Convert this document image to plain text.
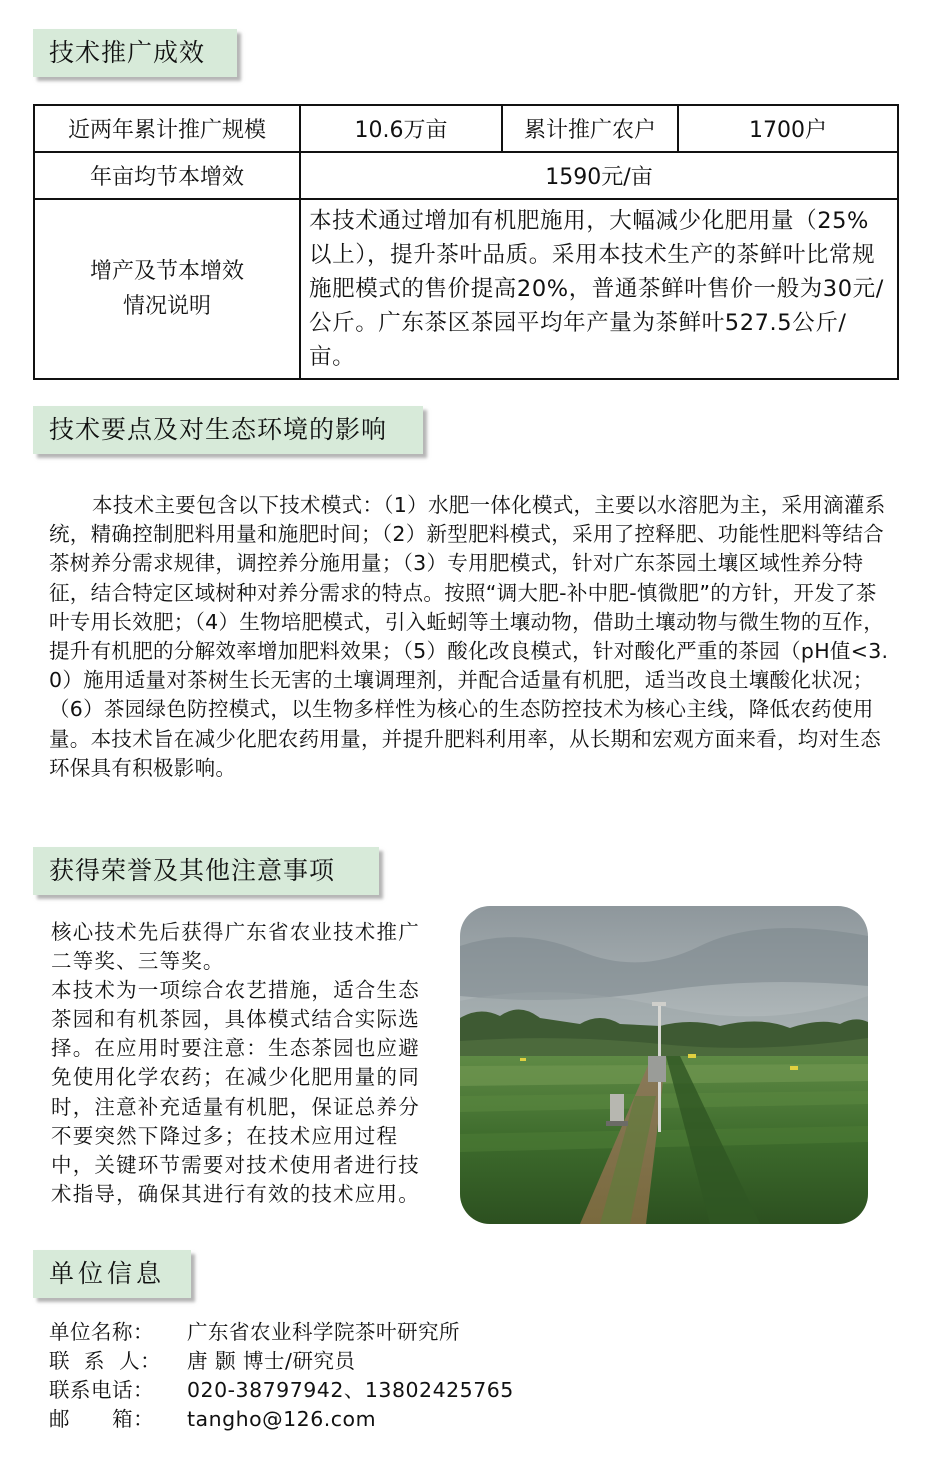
技术推广成效
近两年累计推广规模	10.6万亩	累计推广农户	1700户
年亩均节本增效	1590元/亩		

增产及节本增效
情况说明	本技术通过增加有机肥施用，大幅减少化肥用量（25%以上），提升茶叶品质。采用本技术生产的茶鲜叶比常规施肥模式的售价提高20%，普通茶鲜叶售价一般为30元/公斤。广东茶区茶园平均年产量为茶鲜叶527.5公斤/亩。		
技术要点及对生态环境的影响

本技术主要包含以下技术模式：（1）水肥一体化模式，主要以水溶肥为主，采用滴灌系统，精确控制肥料用量和施肥时间；（2）新型肥料模式，采用了控释肥、功能性肥料等结合茶树养分需求规律，调控养分施用量；（3）专用肥模式，针对广东茶园土壤区域性养分特征，结合特定区域树种对养分需求的特点。按照“调大肥-补中肥-慎微肥”的方针，开发了茶叶专用长效肥；（4）生物培肥模式，引入蚯蚓等土壤动物，借助土壤动物与微生物的互作，提升有机肥的分解效率增加肥料效果；（5）酸化改良模式，针对酸化严重的茶园（pH值<3.0）施用适量对茶树生长无害的土壤调理剂，并配合适量有机肥，适当改良土壤酸化状况；（6）茶园绿色防控模式，以生物多样性为核心的生态防控技术为核心主线，降低农药使用量。本技术旨在减少化肥农药用量，并提升肥料利用率，从长期和宏观方面来看，均对生态环保具有积极影响。

获得荣誉及其他注意事项

核心技术先后获得广东省农业技术推广二等奖、三等奖。

本技术为一项综合农艺措施，适合生态茶园和有机茶园，具体模式结合实际选择。在应用时要注意：生态茶园也应避免使用化学农药；在减少化肥用量的同时，注意补充适量有机肥，保证总养分不要突然下降过多；在技术应用过程中，关键环节需要对技术使用者进行技术指导，确保其进行有效的技术应用。

单位信息
单位名称： 广东省农业科学院茶叶研究所
联  系  人： 唐 颢 博士/研究员
联系电话： 020-38797942、13802425765
邮      箱： tangho@126.com
